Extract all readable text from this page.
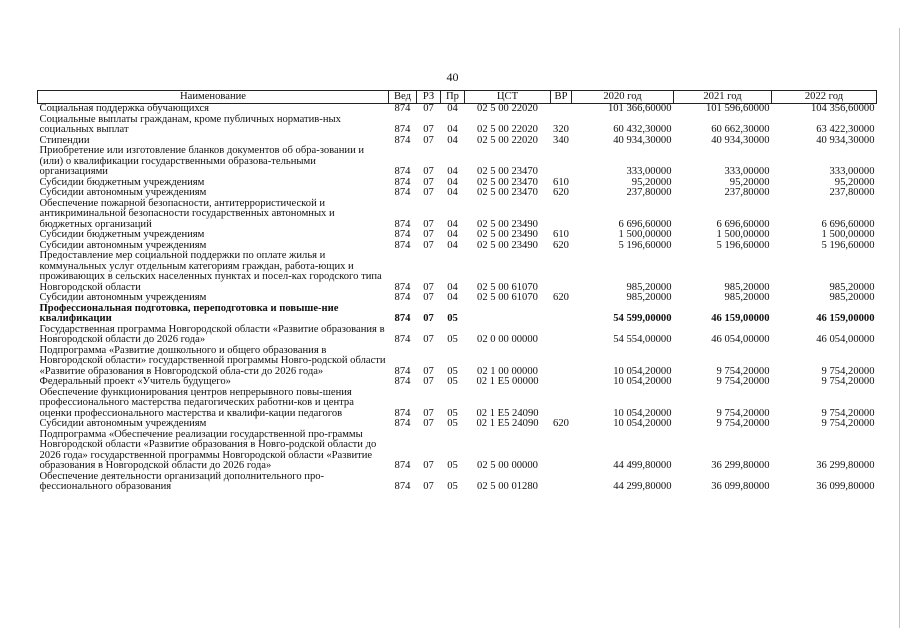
40
Наименование	Вед	РЗ	Пр	ЦСТ	ВР	2020 год	2021 год	2022 год
Социальная поддержка обучающихся	874	07	04	02 5 00 22020		101 366,60000	101 596,60000	104 356,60000
Социальные выплаты гражданам, кроме публичных норматив-ных социальных выплат	874	07	04	02 5 00 22020	320	60 432,30000	60 662,30000	63 422,30000
Стипендии	874	07	04	02 5 00 22020	340	40 934,30000	40 934,30000	40 934,30000
Приобретение или изготовление бланков документов об обра-зовании и (или) о квалификации государственными образова-тельными организациями	874	07	04	02 5 00 23470		333,00000	333,00000	333,00000
Субсидии бюджетным учреждениям	874	07	04	02 5 00 23470	610	95,20000	95,20000	95,20000
Субсидии автономным учреждениям	874	07	04	02 5 00 23470	620	237,80000	237,80000	237,80000
Обеспечение пожарной безопасности, антитеррористической и антикриминальной безопасности государственных автономных и бюджетных организаций	874	07	04	02 5 00 23490		6 696,60000	6 696,60000	6 696,60000
Субсидии бюджетным учреждениям	874	07	04	02 5 00 23490	610	1 500,00000	1 500,00000	1 500,00000
Субсидии автономным учреждениям	874	07	04	02 5 00 23490	620	5 196,60000	5 196,60000	5 196,60000
Предоставление мер социальной поддержки по оплате жилья и коммунальных услуг отдельным категориям граждан, работа-ющих и проживающих в сельских населенных пунктах и посел-ках городского типа Новгородской области	874	07	04	02 5 00 61070		985,20000	985,20000	985,20000
Субсидии автономным учреждениям	874	07	04	02 5 00 61070	620	985,20000	985,20000	985,20000
Профессиональная подготовка, переподготовка и повыше-ние квалификации	874	07	05			54 599,00000	46 159,00000	46 159,00000
Государственная программа Новгородской области «Развитие образования в Новгородской области до 2026 года»	874	07	05	02 0 00 00000		54 554,00000	46 054,00000	46 054,00000
Подпрограмма «Развитие дошкольного и общего образования в Новгородской области» государственной программы Новго-родской области «Развитие образования в Новгородской обла-сти до 2026 года»	874	07	05	02 1 00 00000		10 054,20000	9 754,20000	9 754,20000
Федеральный проект «Учитель будущего»	874	07	05	02 1 E5 00000		10 054,20000	9 754,20000	9 754,20000
Обеспечение функционирования центров непрерывного повы-шения профессионального мастерства педагогических работни-ков и центра оценки профессионального мастерства и квалифи-кации педагогов	874	07	05	02 1 E5 24090		10 054,20000	9 754,20000	9 754,20000
Субсидии автономным учреждениям	874	07	05	02 1 E5 24090	620	10 054,20000	9 754,20000	9 754,20000
Подпрограмма «Обеспечение реализации государственной про-граммы Новгородской области «Развитие образования в Новго-родской области до 2026 года» государственной программы Новгородской области «Развитие образования в Новгородской области до 2026 года»	874	07	05	02 5 00 00000		44 499,80000	36 299,80000	36 299,80000
Обеспечение деятельности организаций дополнительного про-фессионального образования	874	07	05	02 5 00 01280		44 299,80000	36 099,80000	36 099,80000
